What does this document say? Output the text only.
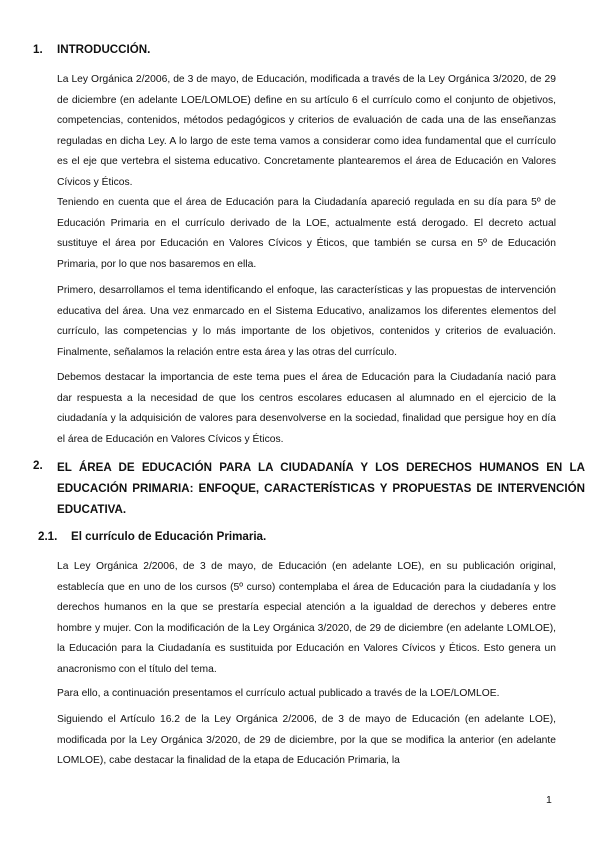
1. INTRODUCCIÓN.

La Ley Orgánica 2/2006, de 3 de mayo, de Educación, modificada a través de la Ley Orgánica 3/2020, de 29 de diciembre (en adelante LOE/LOMLOE) define en su artículo 6 el currículo como el conjunto de objetivos, competencias, contenidos, métodos pedagógicos y criterios de evaluación de cada una de las enseñanzas reguladas en dicha Ley. A lo largo de este tema vamos a considerar como idea fundamental que el currículo es el eje que vertebra el sistema educativo. Concretamente plantearemos el área de Educación en Valores Cívicos y Éticos.

Teniendo en cuenta que el área de Educación para la Ciudadanía apareció regulada en su día para 5º de Educación Primaria en el currículo derivado de la LOE, actualmente está derogado. El decreto actual sustituye el área por Educación en Valores Cívicos y Éticos, que también se cursa en 5º de Educación Primaria, por lo que nos basaremos en ella.

Primero, desarrollamos el tema identificando el enfoque, las características y las propuestas de intervención educativa del área. Una vez enmarcado en el Sistema Educativo, analizamos los diferentes elementos del currículo, las competencias y lo más importante de los objetivos, contenidos y criterios de evaluación. Finalmente, señalamos la relación entre esta área y las otras del currículo.

Debemos destacar la importancia de este tema pues el área de Educación para la Ciudadanía nació para dar respuesta a la necesidad de que los centros escolares educasen al alumnado en el ejercicio de la ciudadanía y la adquisición de valores para desenvolverse en la sociedad, finalidad que persigue hoy en día el área de Educación en Valores Cívicos y Éticos.

2. EL ÁREA DE EDUCACIÓN PARA LA CIUDADANÍA Y LOS DERECHOS HUMANOS EN LA EDUCACIÓN PRIMARIA: ENFOQUE, CARACTERÍSTICAS Y PROPUESTAS DE INTERVENCIÓN EDUCATIVA.
2.1. El currículo de Educación Primaria.

La Ley Orgánica 2/2006, de 3 de mayo, de Educación (en adelante LOE), en su publicación original, establecía que en uno de los cursos (5º curso) contemplaba el área de Educación para la ciudadanía y los derechos humanos en la que se prestaría especial atención a la igualdad de derechos y deberes entre hombre y mujer. Con la modificación de la Ley Orgánica 3/2020, de 29 de diciembre (en adelante LOMLOE), la Educación para la Ciudadanía es sustituida por Educación en Valores Cívicos y Éticos. Esto genera un anacronismo con el título del tema.

Para ello, a continuación presentamos el currículo actual publicado a través de la LOE/LOMLOE.

Siguiendo el Artículo 16.2 de la Ley Orgánica 2/2006, de 3 de mayo de Educación (en adelante LOE), modificada por la Ley Orgánica 3/2020, de 29 de diciembre, por la que se modifica la anterior (en adelante LOMLOE), cabe destacar la finalidad de la etapa de Educación Primaria, la

1
